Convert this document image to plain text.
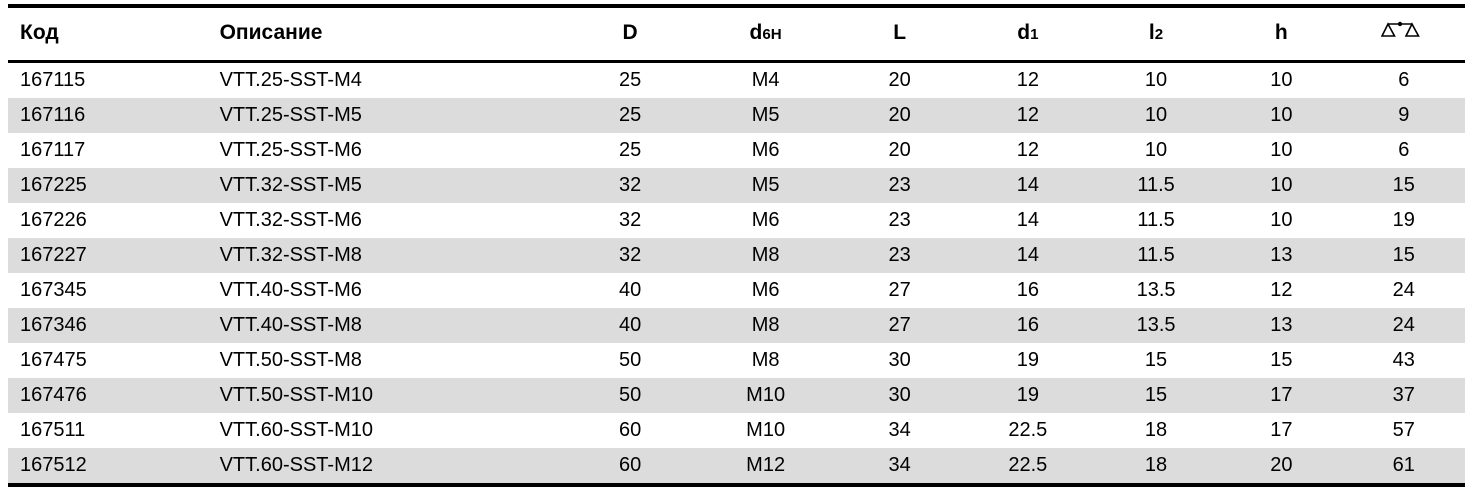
Код	Описание	D	d6H	L	d1	l2	h	

167115	VTT.25-SST-M4	25	M4	20	12	10	10	6
167116	VTT.25-SST-M5	25	M5	20	12	10	10	9
167117	VTT.25-SST-M6	25	M6	20	12	10	10	6
167225	VTT.32-SST-M5	32	M5	23	14	11.5	10	15
167226	VTT.32-SST-M6	32	M6	23	14	11.5	10	19
167227	VTT.32-SST-M8	32	M8	23	14	11.5	13	15
167345	VTT.40-SST-M6	40	M6	27	16	13.5	12	24
167346	VTT.40-SST-M8	40	M8	27	16	13.5	13	24
167475	VTT.50-SST-M8	50	M8	30	19	15	15	43
167476	VTT.50-SST-M10	50	M10	30	19	15	17	37
167511	VTT.60-SST-M10	60	M10	34	22.5	18	17	57
167512	VTT.60-SST-M12	60	M12	34	22.5	18	20	61
